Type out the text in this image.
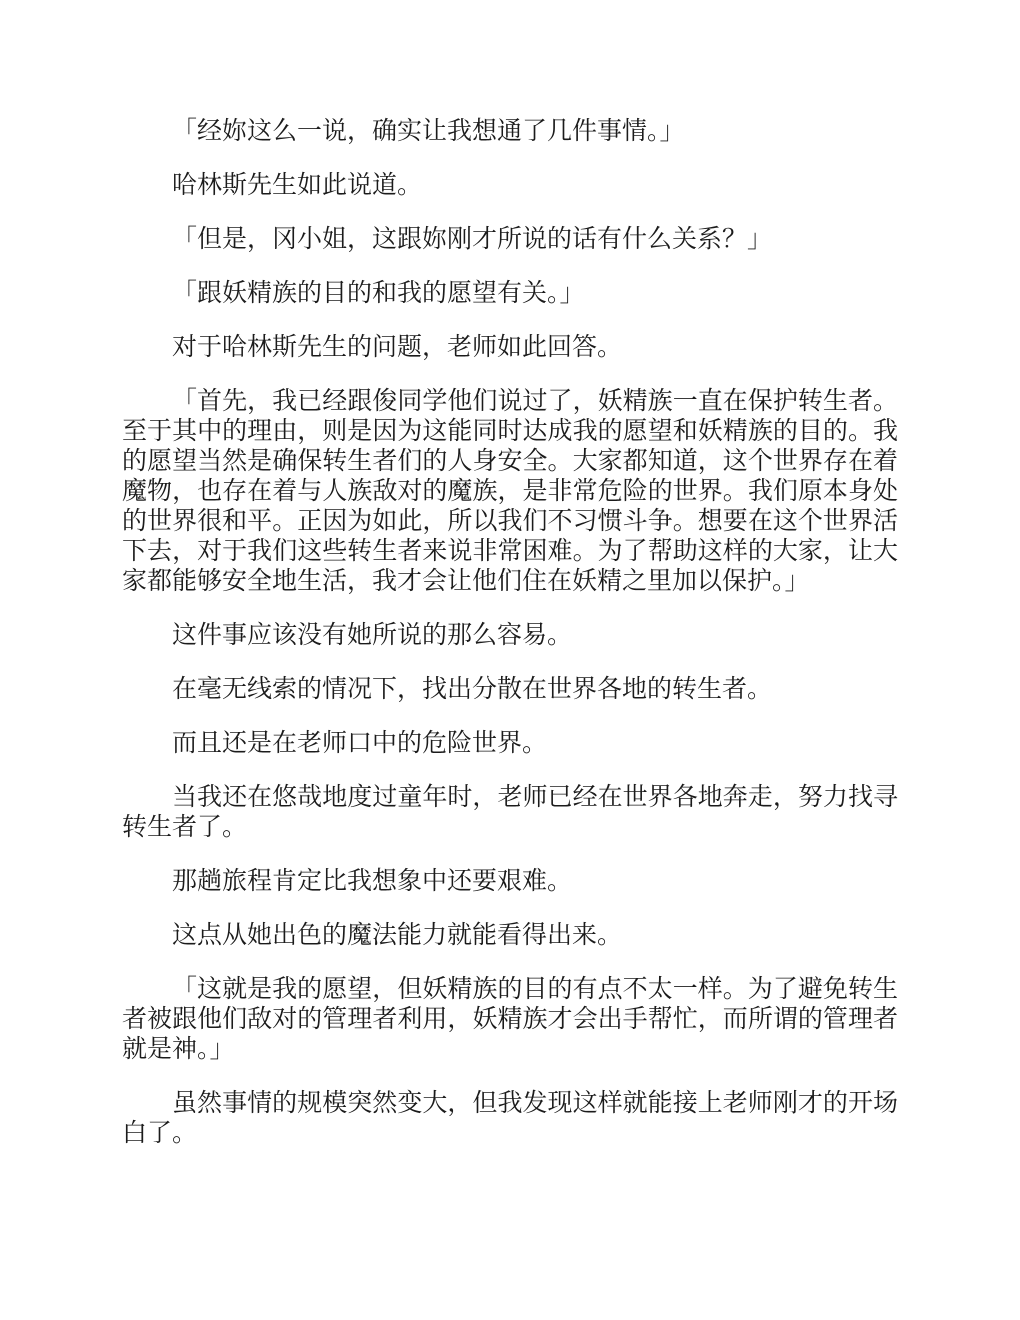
「经妳这么一说，确实让我想通了几件事情。」

哈林斯先生如此说道。

「但是，冈小姐，这跟妳刚才所说的话有什么关系？」

「跟妖精族的目的和我的愿望有关。」

对于哈林斯先生的问题，老师如此回答。

「首先，我已经跟俊同学他们说过了，妖精族一直在保护转生者。至于其中的理由，则是因为这能同时达成我的愿望和妖精族的目的。我的愿望当然是确保转生者们的人身安全。大家都知道，这个世界存在着魔物，也存在着与人族敌对的魔族，是非常危险的世界。我们原本身处的世界很和平。正因为如此，所以我们不习惯斗争。想要在这个世界活下去，对于我们这些转生者来说非常困难。为了帮助这样的大家，让大家都能够安全地生活，我才会让他们住在妖精之里加以保护。」

这件事应该没有她所说的那么容易。

在毫无线索的情况下，找出分散在世界各地的转生者。

而且还是在老师口中的危险世界。

当我还在悠哉地度过童年时，老师已经在世界各地奔走，努力找寻转生者了。

那趟旅程肯定比我想象中还要艰难。

这点从她出色的魔法能力就能看得出来。

「这就是我的愿望，但妖精族的目的有点不太一样。为了避免转生者被跟他们敌对的管理者利用，妖精族才会出手帮忙，而所谓的管理者就是神。」

虽然事情的规模突然变大，但我发现这样就能接上老师刚才的开场白了。
